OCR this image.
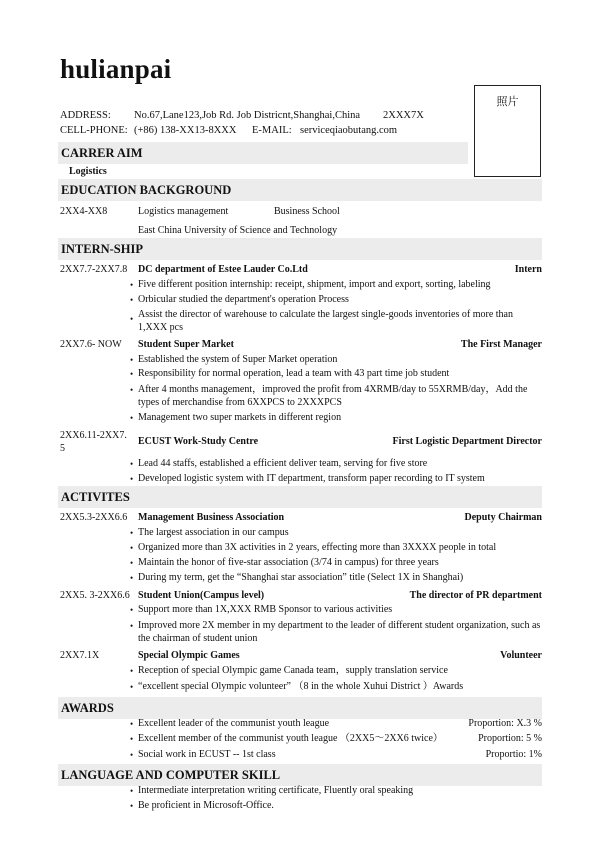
hulianpai
ADDRESS: No.67,Lane123,Job Rd. Job Districnt,Shanghai,China 2XXX7X
CELL-PHONE: (+86) 138-XX13-8XXX E-MAIL: serviceqiaobutang.com
照片
CARRER AIM
Logistics
EDUCATION BACKGROUND
2XX4-XX8	Logistics management	Business School
East China University of Science and Technology
INTERN-SHIP
2XX7.7-2XX7.8 DC department of Estee Lauder Co.Ltd	Intern
• Five different position internship: receipt, shipment, import and export, sorting, labeling
• Orbicular studied the department's operation Process
• Assist the director of warehouse to calculate the largest single-goods inventories of more than 1,XXX pcs
2XX7.6- NOW Student Super Market	The First Manager
• Established the system of Super Market operation
• Responsibility for normal operation, lead a team with 43 part time job student
• After 4 months management，improved the profit from 4XRMB/day to 55XRMB/day，Add the types of merchandise from 6XXPCS to 2XXXPCS
• Management two super markets in different region
2XX6.11-2XX7.
5
ECUST Work-Study Centre	First Logistic Department Director
• Lead 44 staffs, established a efficient deliver team, serving for five store
• Developed logistic system with IT department, transform paper recording to IT system
ACTIVITES
2XX5.3-2XX6.6 Management Business Association	Deputy Chairman
• The largest association in our campus
• Organized more than 3X activities in 2 years, effecting more than 3XXXX people in total
• Maintain the honor of five-star association (3/74 in campus) for three years
• During my term, get the “Shanghai star association” title (Select 1X in Shanghai)
2XX5. 3-2XX6.6 Student Union(Campus level)	The director of PR department
• Support more than 1X,XXX RMB Sponsor to various activities
• Improved more 2X member in my department to the leader of different student organization, such as the chairman of student union
2XX7.1X	Special Olympic Games	Volunteer
• Reception of special Olympic game Canada team，supply translation service
• “excellent special Olympic volunteer” （8 in the whole Xuhui District ）Awards
AWARDS
• Excellent leader of the communist youth league	Proportion: X.3 %
• Excellent member of the communist youth league （2XX5～2XX6 twice）	Proportion: 5 %
• Social work in ECUST -- 1st class	Proportio: 1%
LANGUAGE AND COMPUTER SKILL
• Intermediate interpretation writing certificate, Fluently oral speaking
• Be proficient in Microsoft-Office.
